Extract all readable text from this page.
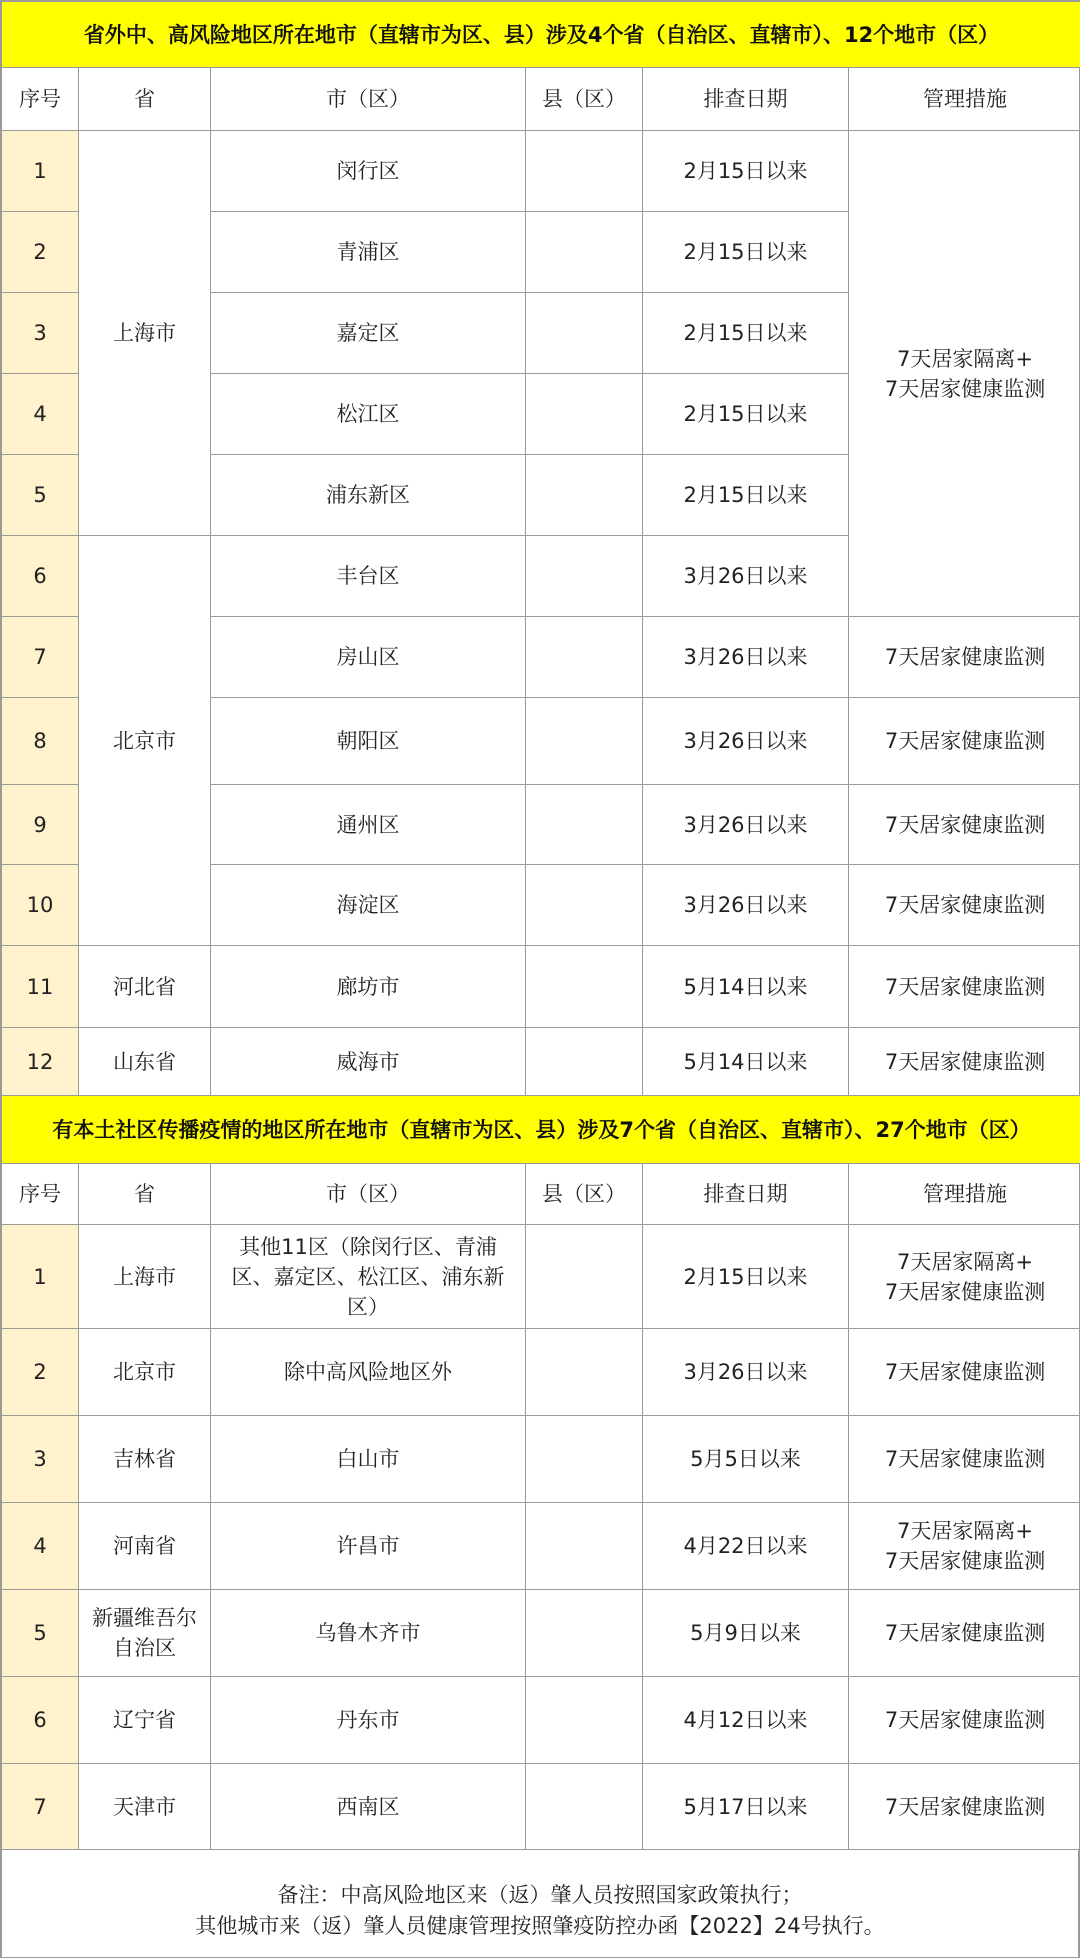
省外中、高风险地区所在地市（直辖市为区、县）涉及4个省（自治区、直辖市）、12个地市（区）					
序号	省	市（区）	县（区）	排查日期	管理措施
1	上海市	闵行区		2月15日以来	7天居家隔离+
7天居家健康监测
2		青浦区		2月15日以来	
3		嘉定区		2月15日以来	
4		松江区		2月15日以来	
5		浦东新区		2月15日以来	
6	北京市	丰台区		3月26日以来	
7		房山区		3月26日以来	7天居家健康监测
8		朝阳区		3月26日以来	7天居家健康监测
9		通州区		3月26日以来	7天居家健康监测
10		海淀区		3月26日以来	7天居家健康监测
11	河北省	廊坊市		5月14日以来	7天居家健康监测
12	山东省	威海市		5月14日以来	7天居家健康监测
有本土社区传播疫情的地区所在地市（直辖市为区、县）涉及7个省（自治区、直辖市）、27个地市（区）					
序号	省	市（区）	县（区）	排查日期	管理措施
1	上海市	其他11区（除闵行区、青浦区、嘉定区、松江区、浦东新区）		2月15日以来	7天居家隔离+
7天居家健康监测
2	北京市	除中高风险地区外		3月26日以来	7天居家健康监测
3	吉林省	白山市		5月5日以来	7天居家健康监测
4	河南省	许昌市		4月22日以来	7天居家隔离+
7天居家健康监测
5	新疆维吾尔
自治区	乌鲁木齐市		5月9日以来	7天居家健康监测
6	辽宁省	丹东市		4月12日以来	7天居家健康监测
7	天津市	西南区		5月17日以来	7天居家健康监测
备注：中高风险地区来（返）肇人员按照国家政策执行；
其他城市来（返）肇人员健康管理按照肇疫防控办函【2022】24号执行。
